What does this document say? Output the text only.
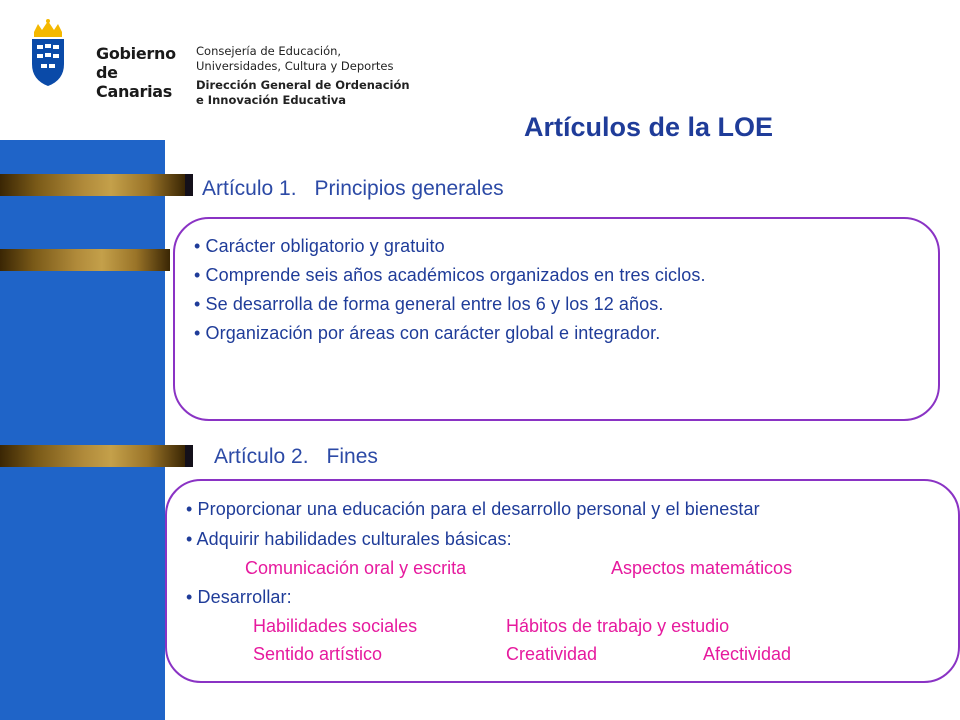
Gobierno
de Canarias
Consejería de Educación,
Universidades, Cultura y Deportes
Dirección General de Ordenación
e Innovación Educativa
Artículos de la LOE
Artículo 1. Principios generales
• Carácter obligatorio y gratuito
• Comprende seis años académicos organizados en tres ciclos.
• Se desarrolla de forma general entre los 6 y los 12 años.
• Organización por áreas con carácter global e integrador.
Artículo 2. Fines
• Proporcionar una educación para el desarrollo personal y el bienestar
• Adquirir habilidades culturales básicas:
Comunicación oral y escrita	Aspectos matemáticos
• Desarrollar:
Habilidades sociales	Hábitos de trabajo y estudio
Sentido artístico	Creatividad	Afectividad
